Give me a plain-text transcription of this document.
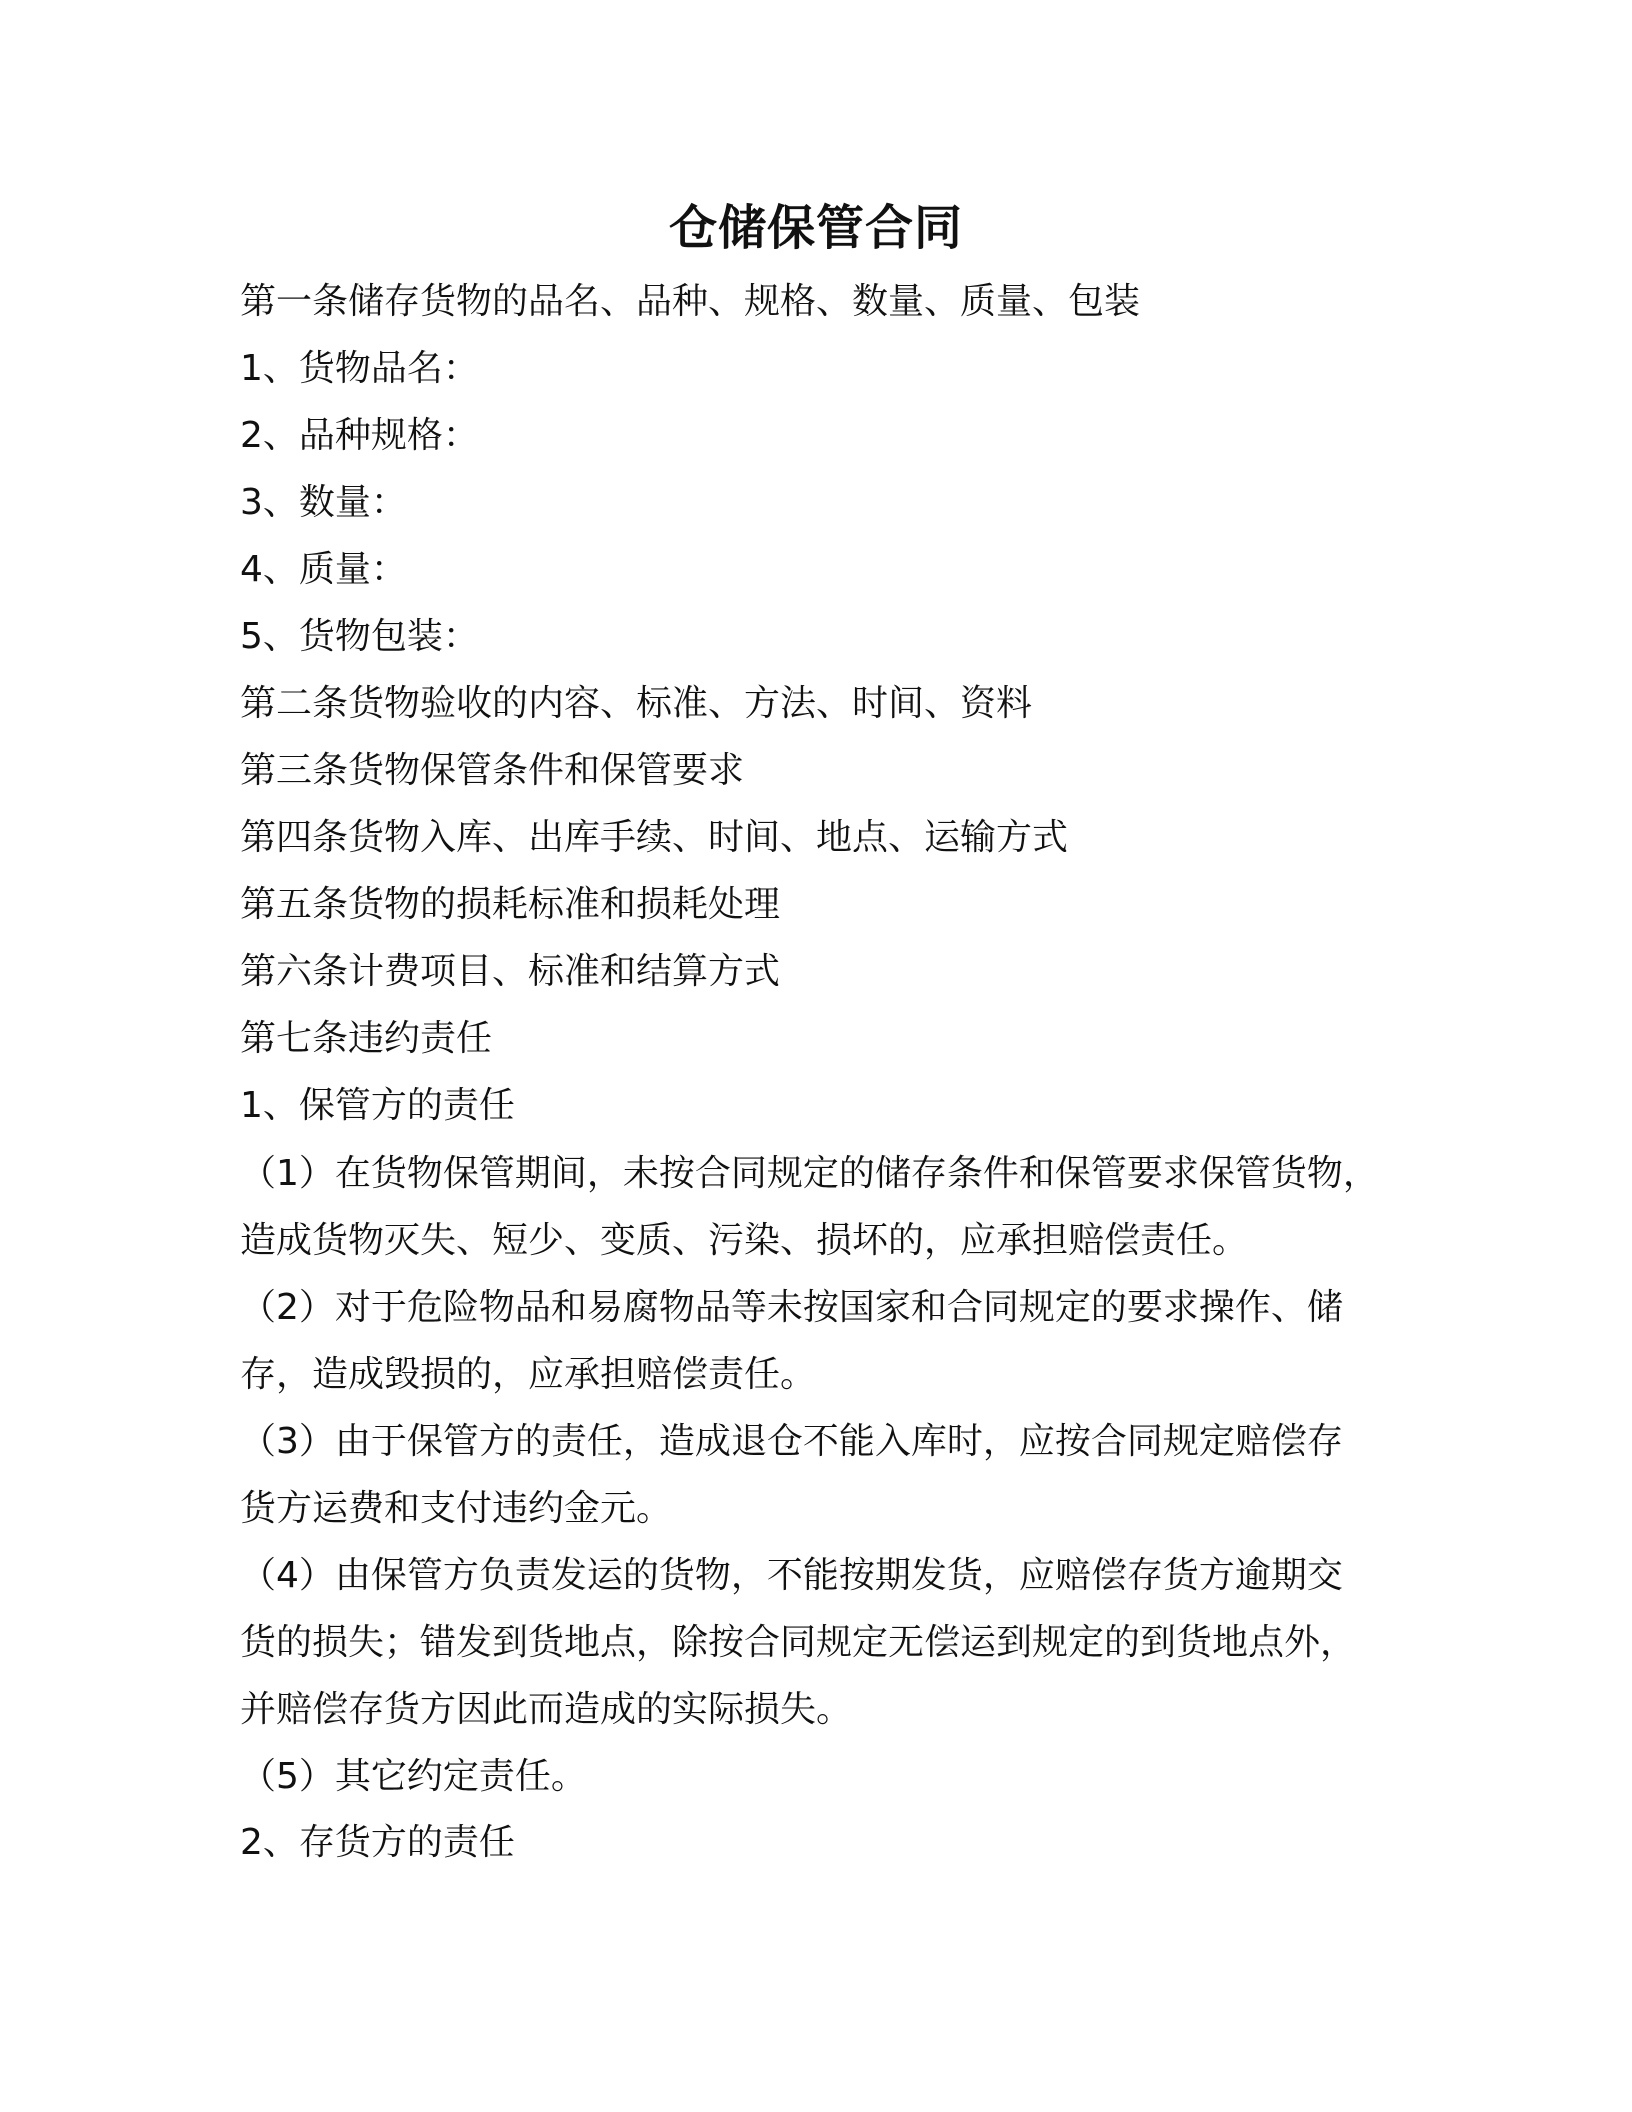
仓储保管合同
第一条储存货物的品名、品种、规格、数量、质量、包装
1、货物品名：
2、品种规格：
3、数量：
4、质量：
5、货物包装：
第二条货物验收的内容、标准、方法、时间、资料
第三条货物保管条件和保管要求
第四条货物入库、出库手续、时间、地点、运输方式
第五条货物的损耗标准和损耗处理
第六条计费项目、标准和结算方式
第七条违约责任
1、保管方的责任
（1）在货物保管期间，未按合同规定的储存条件和保管要求保管货物，
造成货物灭失、短少、变质、污染、损坏的，应承担赔偿责任。
（2）对于危险物品和易腐物品等未按国家和合同规定的要求操作、储
存，造成毁损的，应承担赔偿责任。
（3）由于保管方的责任，造成退仓不能入库时，应按合同规定赔偿存
货方运费和支付违约金元。
（4）由保管方负责发运的货物，不能按期发货，应赔偿存货方逾期交
货的损失；错发到货地点，除按合同规定无偿运到规定的到货地点外，
并赔偿存货方因此而造成的实际损失。
（5）其它约定责任。
2、存货方的责任
